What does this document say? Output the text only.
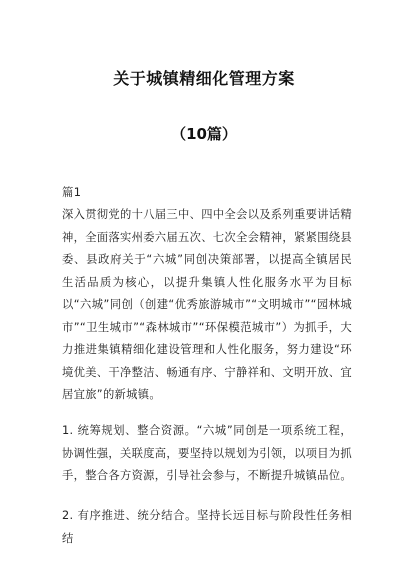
关于城镇精细化管理方案
（10篇）
篇1
深入贯彻党的十八届三中、四中全会以及系列重要讲话精神，全面落实州委六届五次、七次全会精神，紧紧围绕县委、县政府关于“六城”同创决策部署，以提高全镇居民生活品质为核心，以提升集镇人性化服务水平为目标以“六城”同创（创建“优秀旅游城市”“文明城市”“园林城市”“卫生城市”“森林城市”“环保模范城市”）为抓手，大力推进集镇精细化建设管理和人性化服务，努力建设“环境优美、干净整洁、畅通有序、宁静祥和、文明开放、宜居宜旅”的新城镇。
1. 统筹规划、整合资源。“六城”同创是一项系统工程，协调性强，关联度高，要坚持以规划为引领，以项目为抓手，整合各方资源，引导社会参与，不断提升城镇品位。
2. 有序推进、统分结合。坚持长远目标与阶段性任务相结
